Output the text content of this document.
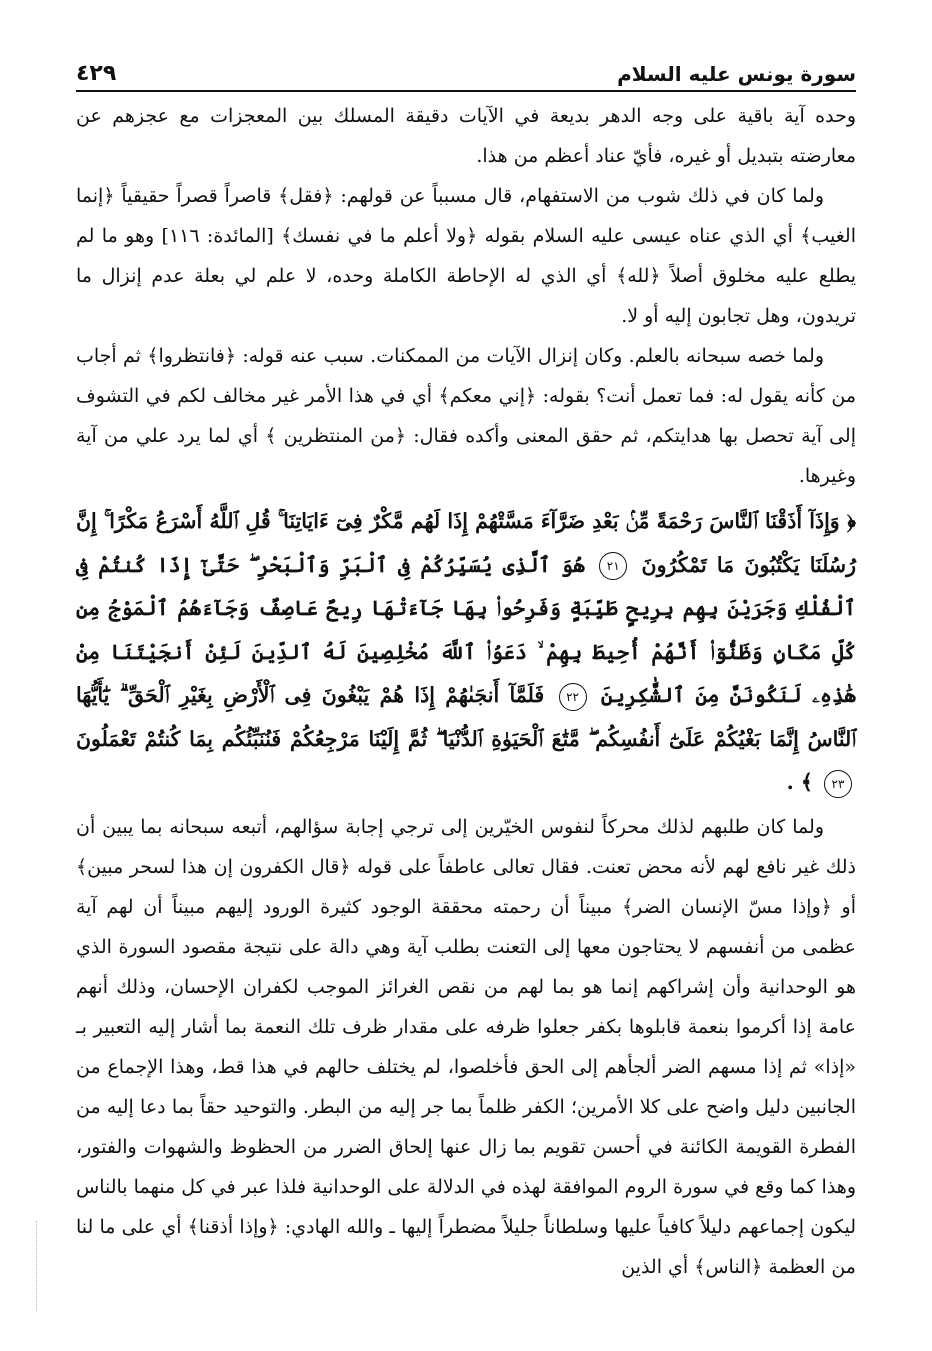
٤٢٩	سورة يونس عليه السلام

وحده آية باقية على وجه الدهر بديعة في الآيات دقيقة المسلك بين المعجزات مع عجزهم عن معارضته بتبديل أو غيره، فأيّ عناد أعظم من هذا.

ولما كان في ذلك شوب من الاستفهام، قال مسبباً عن قولهم: ﴿فقل﴾ قاصراً قصراً حقيقياً ﴿إنما الغيب﴾ أي الذي عناه عيسى عليه السلام بقوله ﴿ولا أعلم ما في نفسك﴾ [المائدة: ١١٦] وهو ما لم يطلع عليه مخلوق أصلاً ﴿لله﴾ أي الذي له الإحاطة الكاملة وحده، لا علم لي بعلة عدم إنزال ما تريدون، وهل تجابون إليه أو لا.

ولما خصه سبحانه بالعلم. وكان إنزال الآيات من الممكنات. سبب عنه قوله: ﴿فانتظروا﴾ ثم أجاب من كأنه يقول له: فما تعمل أنت؟ بقوله: ﴿إني معكم﴾ أي في هذا الأمر غير مخالف لكم في التشوف إلى آية تحصل بها هدايتكم، ثم حقق المعنى وأكده فقال: ﴿من المنتظرين ﴾ أي لما يرد علي من آية وغيرها.

﴿ وَإِذَآ أَذَقْنَا ٱلنَّاسَ رَحْمَةً مِّنۢ بَعْدِ ضَرَّآءَ مَسَّتْهُمْ إِذَا لَهُم مَّكْرٌ فِىٓ ءَايَاتِنَا ۚ قُلِ ٱللَّهُ أَسْرَعُ مَكْرًا ۚ إِنَّ رُسُلَنَا يَكْتُبُونَ مَا تَمْكُرُونَ ٢١ هُوَ ٱلَّذِى يُسَيِّرُكُمْ فِى ٱلْبَرِّ وَٱلْبَحْرِ ۖ حَتَّىٰٓ إِذَا كُنتُمْ فِى ٱلْفُلْكِ وَجَرَيْنَ بِهِم بِرِيحٍ طَيِّبَةٍ وَفَرِحُوا۟ بِهَا جَآءَتْهَا رِيحٌ عَاصِفٌ وَجَآءَهُمُ ٱلْمَوْجُ مِن كُلِّ مَكَانٍ وَظَنُّوٓا۟ أَنَّهُمْ أُحِيطَ بِهِمْ ۙ دَعَوُا۟ ٱللَّهَ مُخْلِصِينَ لَهُ ٱلدِّينَ لَئِنْ أَنجَيْتَنَا مِنْ هَٰذِهِۦ لَنَكُونَنَّ مِنَ ٱلشَّٰكِرِينَ ٢٢ فَلَمَّآ أَنجَىٰهُمْ إِذَا هُمْ يَبْغُونَ فِى ٱلْأَرْضِ بِغَيْرِ ٱلْحَقِّ ۗ يَٰٓأَيُّهَا ٱلنَّاسُ إِنَّمَا بَغْيُكُمْ عَلَىٰٓ أَنفُسِكُم ۖ مَّتَٰعَ ٱلْحَيَوٰةِ ٱلدُّنْيَا ۖ ثُمَّ إِلَيْنَا مَرْجِعُكُمْ فَنُنَبِّئُكُم بِمَا كُنتُمْ تَعْمَلُونَ ٢٣ ﴾ .

ولما كان طلبهم لذلك محركاً لنفوس الخيّرين إلى ترجي إجابة سؤالهم، أتبعه سبحانه بما يبين أن ذلك غير نافع لهم لأنه محض تعنت. فقال تعالى عاطفاً على قوله ﴿قال الكفرون إن هذا لسحر مبين﴾ أو ﴿وإذا مسّ الإنسان الضر﴾ مبيناً أن رحمته محققة الوجود كثيرة الورود إليهم مبيناً أن لهم آية عظمى من أنفسهم لا يحتاجون معها إلى التعنت بطلب آية وهي دالة على نتيجة مقصود السورة الذي هو الوحدانية وأن إشراكهم إنما هو بما لهم من نقص الغرائز الموجب لكفران الإحسان، وذلك أنهم عامة إذا أكرموا بنعمة قابلوها بكفر جعلوا ظرفه على مقدار ظرف تلك النعمة بما أشار إليه التعبير بـ «إذا» ثم إذا مسهم الضر ألجأهم إلى الحق فأخلصوا، لم يختلف حالهم في هذا قط، وهذا الإجماع من الجانبين دليل واضح على كلا الأمرين؛ الكفر ظلماً بما جر إليه من البطر. والتوحيد حقاً بما دعا إليه من الفطرة القويمة الكائنة في أحسن تقويم بما زال عنها إلحاق الضرر من الحظوظ والشهوات والفتور، وهذا كما وقع في سورة الروم الموافقة لهذه في الدلالة على الوحدانية فلذا عبر في كل منهما بالناس ليكون إجماعهم دليلاً كافياً عليها وسلطاناً جليلاً مضطراً إليها ـ والله الهادي: ﴿وإذا أذقنا﴾ أي على ما لنا من العظمة ﴿الناس﴾ أي الذين
